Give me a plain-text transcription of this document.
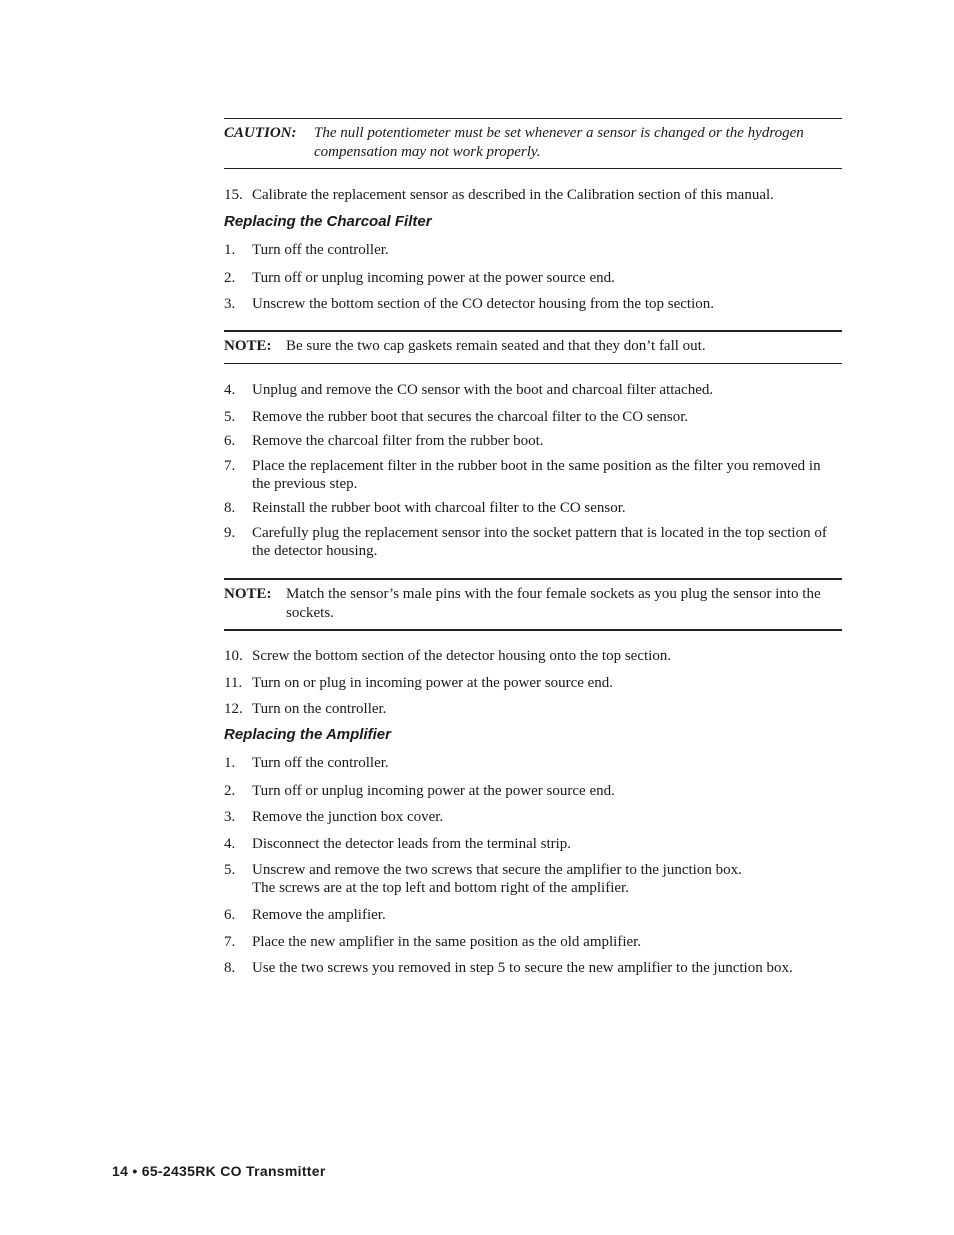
CAUTION: The null potentiometer must be set whenever a sensor is changed or the hydrogen compensation may not work properly.
15. Calibrate the replacement sensor as described in the Calibration section of this manual.
Replacing the Charcoal Filter
1. Turn off the controller.
2. Turn off or unplug incoming power at the power source end.
3. Unscrew the bottom section of the CO detector housing from the top section.
NOTE: Be sure the two cap gaskets remain seated and that they don’t fall out.
4. Unplug and remove the CO sensor with the boot and charcoal filter attached.
5. Remove the rubber boot that secures the charcoal filter to the CO sensor.
6. Remove the charcoal filter from the rubber boot.
7. Place the replacement filter in the rubber boot in the same position as the filter you removed in the previous step.
8. Reinstall the rubber boot with charcoal filter to the CO sensor.
9. Carefully plug the replacement sensor into the socket pattern that is located in the top section of the detector housing.
NOTE: Match the sensor’s male pins with the four female sockets as you plug the sensor into the sockets.
10. Screw the bottom section of the detector housing onto the top section.
11. Turn on or plug in incoming power at the power source end.
12. Turn on the controller.
Replacing the Amplifier
1. Turn off the controller.
2. Turn off or unplug incoming power at the power source end.
3. Remove the junction box cover.
4. Disconnect the detector leads from the terminal strip.
5. Unscrew and remove the two screws that secure the amplifier to the junction box.
The screws are at the top left and bottom right of the amplifier.
6. Remove the amplifier.
7. Place the new amplifier in the same position as the old amplifier.
8. Use the two screws you removed in step 5 to secure the new amplifier to the junction box.
14 • 65-2435RK CO Transmitter
